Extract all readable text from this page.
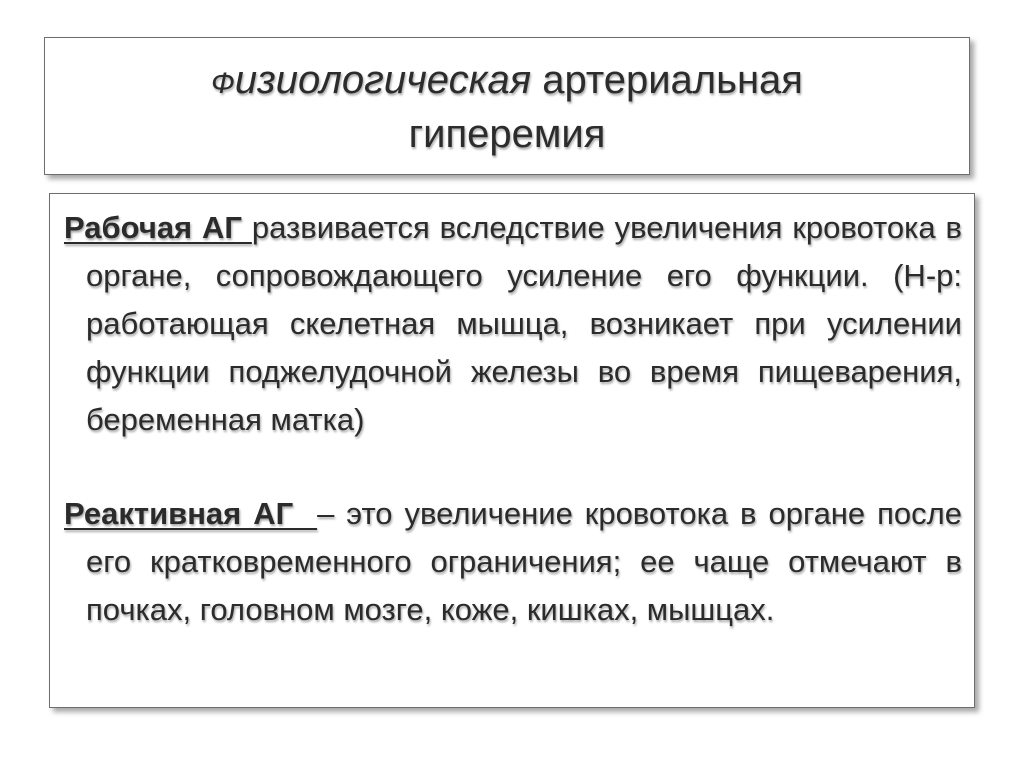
Физиологическая артериальная
гиперемия
Рабочая АГ развивается вследствие увеличения кровотока в органе, сопровождающего усиление его функции. (Н-р: работающая скелетная мышца, возникает при усилении функции поджелудочной железы во время пищеварения, беременная матка)
Реактивная АГ  – это увеличение кровотока в органе после его кратковременного ограничения; ее чаще отмечают в почках, головном мозге, коже, кишках, мышцах.
